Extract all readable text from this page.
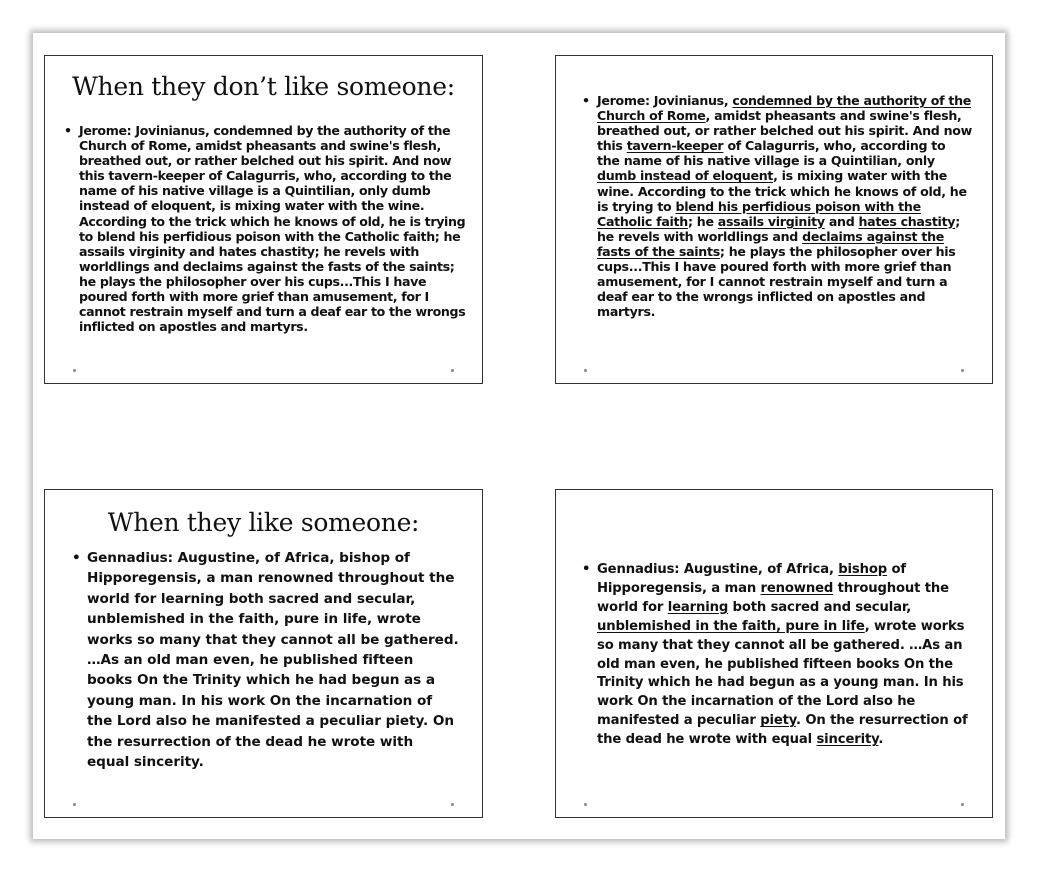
When they don’t like someone:
• Jerome: Jovinianus, condemned by the authority of the Church of Rome, amidst pheasants and swine's flesh, breathed out, or rather belched out his spirit. And now this tavern-keeper of Calagurris, who, according to the name of his native village is a Quintilian, only dumb instead of eloquent, is mixing water with the wine. According to the trick which he knows of old, he is trying to blend his perfidious poison with the Catholic faith; he assails virginity and hates chastity; he revels with worldlings and declaims against the fasts of the saints; he plays the philosopher over his cups...This I have poured forth with more grief than amusement, for I cannot restrain myself and turn a deaf ear to the wrongs inflicted on apostles and martyrs.

• Jerome: Jovinianus, condemned by the authority of the Church of Rome, amidst pheasants and swine's flesh, breathed out, or rather belched out his spirit. And now this tavern-keeper of Calagurris, who, according to the name of his native village is a Quintilian, only dumb instead of eloquent, is mixing water with the wine. According to the trick which he knows of old, he is trying to blend his perfidious poison with the Catholic faith; he assails virginity and hates chastity; he revels with worldlings and declaims against the fasts of the saints; he plays the philosopher over his cups...This I have poured forth with more grief than amusement, for I cannot restrain myself and turn a deaf ear to the wrongs inflicted on apostles and martyrs.

When they like someone:
• Gennadius: Augustine, of Africa, bishop of Hipporegensis, a man renowned throughout the world for learning both sacred and secular, unblemished in the faith, pure in life, wrote works so many that they cannot all be gathered. …As an old man even, he published fifteen books On the Trinity which he had begun as a young man. In his work On the incarnation of the Lord also he manifested a peculiar piety. On the resurrection of the dead he wrote with equal sincerity.

• Gennadius: Augustine, of Africa, bishop of Hipporegensis, a man renowned throughout the world for learning both sacred and secular, unblemished in the faith, pure in life, wrote works so many that they cannot all be gathered. …As an old man even, he published fifteen books On the Trinity which he had begun as a young man. In his work On the incarnation of the Lord also he manifested a peculiar piety. On the resurrection of the dead he wrote with equal sincerity.
